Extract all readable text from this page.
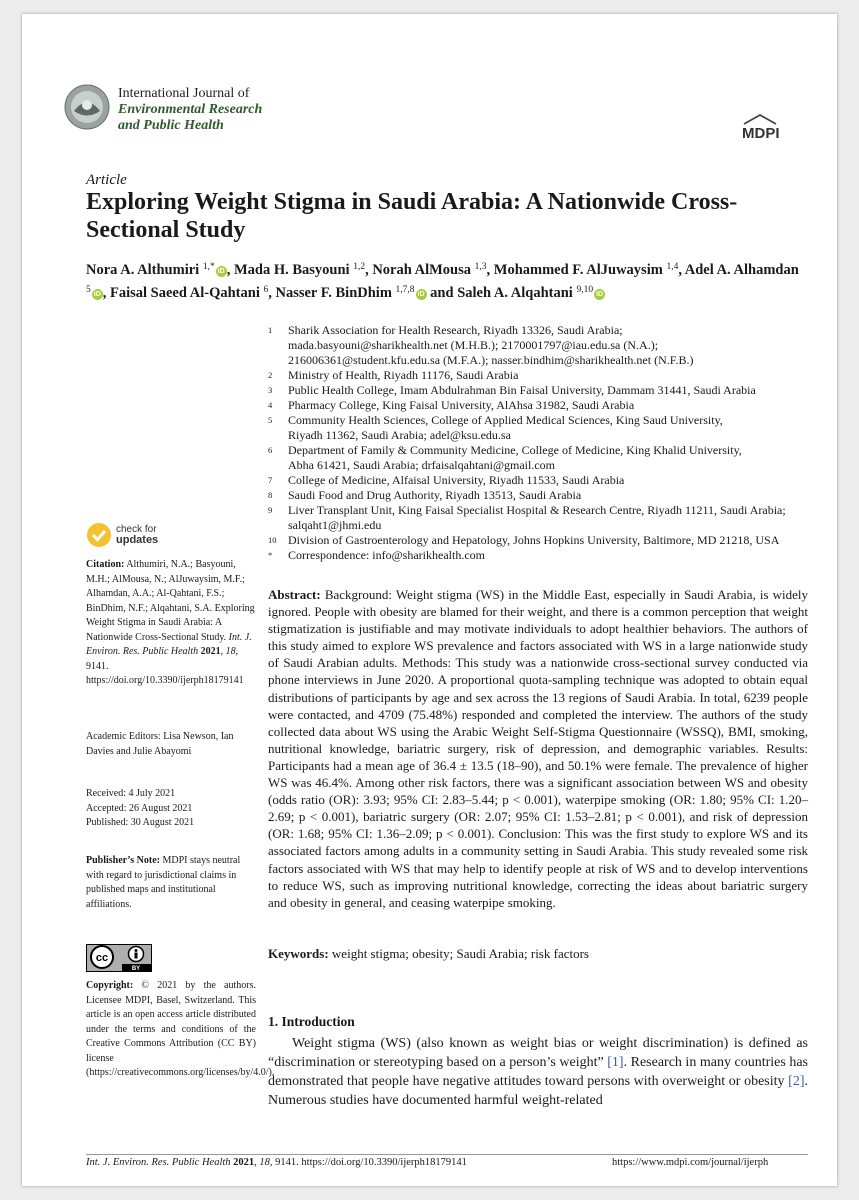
International Journal of
Environmental Research
and Public Health	MDPI
Article
Exploring Weight Stigma in Saudi Arabia: A Nationwide Cross-Sectional Study
Nora A. Althumiri $^{1,*}$ iD , Mada H. Basyouni $^{1,2}$, Norah AlMousa $^{1,3}$, Mohammed F. AlJuwaysim $^{1,4}$, Adel A. Alhamdan $^5$ iD , Faisal Saeed Al-Qahtani $^6$, Nasser F. BinDhim $^{1,7,8}$ iD and Saleh A. Alqahtani $^{9,10}$ iD
1	Sharik Association for Health Research, Riyadh 13326, Saudi Arabia;
mada.basyouni@sharikhealth.net (M.H.B.); 2170001797@iau.edu.sa (N.A.);
216006361@student.kfu.edu.sa (M.F.A.); nasser.bindhim@sharikhealth.net (N.F.B.)
2	Ministry of Health, Riyadh 11176, Saudi Arabia
3	Public Health College, Imam Abdulrahman Bin Faisal University, Dammam 31441, Saudi Arabia
4	Pharmacy College, King Faisal University, AlAhsa 31982, Saudi Arabia
5	Community Health Sciences, College of Applied Medical Sciences, King Saud University,
Riyadh 11362, Saudi Arabia; adel@ksu.edu.sa
6	Department of Family & Community Medicine, College of Medicine, King Khalid University,
Abha 61421, Saudi Arabia; drfaisalqahtani@gmail.com
7	College of Medicine, Alfaisal University, Riyadh 11533, Saudi Arabia
8	Saudi Food and Drug Authority, Riyadh 13513, Saudi Arabia
9	Liver Transplant Unit, King Faisal Specialist Hospital & Research Centre, Riyadh 11211, Saudi Arabia;
salqaht1@jhmi.edu
10 Division of Gastroenterology and Hepatology, Johns Hopkins University, Baltimore, MD 21218, USA
*	Correspondence: info@sharikhealth.com
check for
updates
Citation: Althumiri, N.A.; Basyouni, M.H.; AlMousa, N.; AlJuwaysim, M.F.; Alhamdan, A.A.; Al-Qahtani, F.S.; BinDhim, N.F.; Alqahtani, S.A. Exploring Weight Stigma in Saudi Arabia: A Nationwide Cross-Sectional Study. Int. J. Environ. Res. Public Health 2021, 18, 9141. https://doi.org/10.3390/ijerph18179141
Academic Editors: Lisa Newson, Ian Davies and Julie Abayomi
Received: 4 July 2021
Accepted: 26 August 2021
Published: 30 August 2021
Publisher’s Note: MDPI stays neutral with regard to jurisdictional claims in published maps and institutional affiliations.
cc
BY
Copyright: © 2021 by the authors. Licensee MDPI, Basel, Switzerland. This article is an open access article distributed under the terms and conditions of the Creative Commons Attribution (CC BY) license (https://creativecommons.org/licenses/by/4.0/).
Abstract: Background: Weight stigma (WS) in the Middle East, especially in Saudi Arabia, is widely ignored. People with obesity are blamed for their weight, and there is a common perception that weight stigmatization is justifiable and may motivate individuals to adopt healthier behaviors. The authors of this study aimed to explore WS prevalence and factors associated with WS in a large nationwide study of Saudi Arabian adults. Methods: This study was a nationwide cross-sectional survey conducted via phone interviews in June 2020. A proportional quota-sampling technique was adopted to obtain equal distributions of participants by age and sex across the 13 regions of Saudi Arabia. In total, 6239 people were contacted, and 4709 (75.48%) responded and completed the interview. The authors of the study collected data about WS using the Arabic Weight Self-Stigma Questionnaire (WSSQ), BMI, smoking, nutritional knowledge, bariatric surgery, risk of depression, and demographic variables. Results: Participants had a mean age of 36.4 ± 13.5 (18–90), and 50.1% were female. The prevalence of higher WS was 46.4%. Among other risk factors, there was a significant association between WS and obesity (odds ratio (OR): 3.93; 95% CI: 2.83–5.44; p < 0.001), waterpipe smoking (OR: 1.80; 95% CI: 1.20–2.69; p < 0.001), bariatric surgery (OR: 2.07; 95% CI: 1.53–2.81; p < 0.001), and risk of depression (OR: 1.68; 95% CI: 1.36–2.09; p < 0.001). Conclusion: This was the first study to explore WS and its associated factors among adults in a community setting in Saudi Arabia. This study revealed some risk factors associated with WS that may help to identify people at risk of WS and to develop interventions to reduce WS, such as improving nutritional knowledge, correcting the ideas about bariatric surgery and obesity in general, and ceasing waterpipe smoking.
Keywords: weight stigma; obesity; Saudi Arabia; risk factors
1. Introduction
Weight stigma (WS) (also known as weight bias or weight discrimination) is defined as “discrimination or stereotyping based on a person’s weight” [1]. Research in many countries has demonstrated that people have negative attitudes toward persons with overweight or obesity [2]. Numerous studies have documented harmful weight-related
Int. J. Environ. Res. Public Health 2021, 18, 9141. https://doi.org/10.3390/ijerph18179141	https://www.mdpi.com/journal/ijerph
